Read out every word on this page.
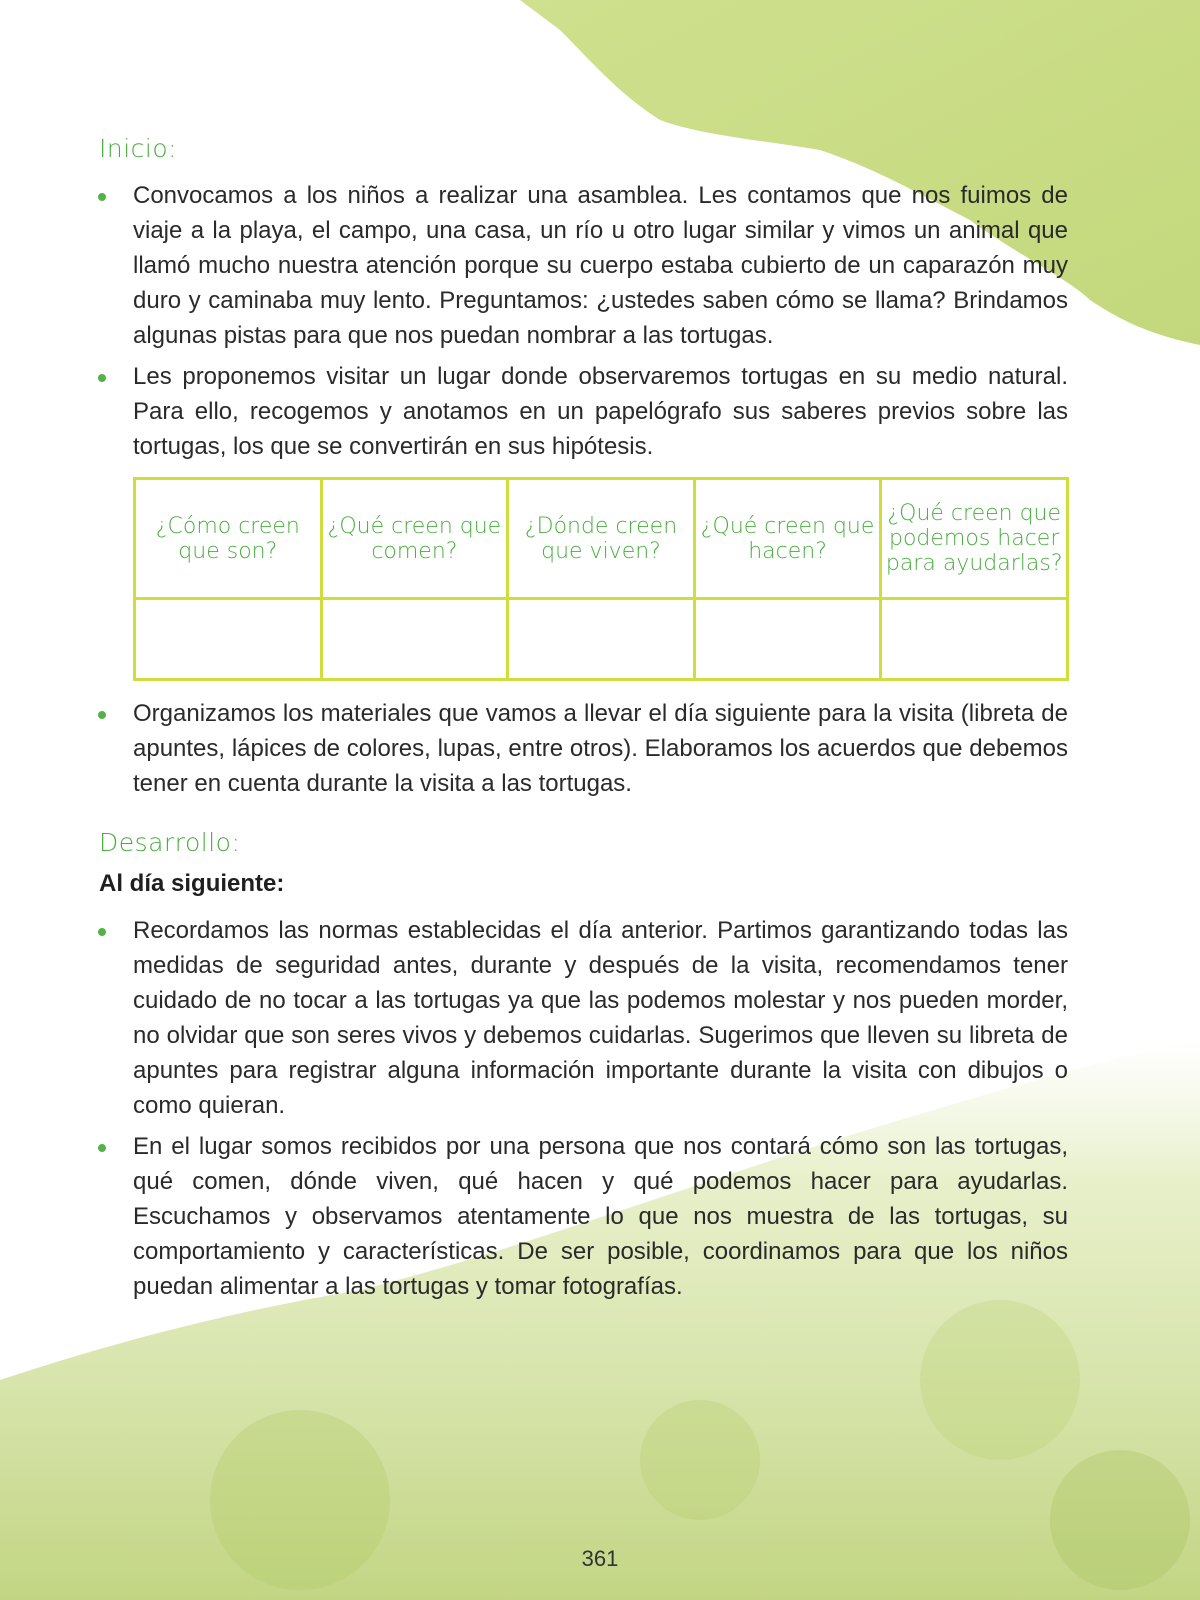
Inicio:
Convocamos a los niños a realizar una asamblea. Les contamos que nos fuimos de viaje a la playa, el campo, una casa, un río u otro lugar similar y vimos un animal que llamó mucho nuestra atención porque su cuerpo estaba cubierto de un caparazón muy duro y caminaba muy lento. Preguntamos: ¿ustedes saben cómo se llama? Brindamos algunas pistas para que nos puedan nombrar a las tortugas.
Les proponemos visitar un lugar donde observaremos tortugas en su medio natural. Para ello, recogemos y anotamos en un papelógrafo sus saberes previos sobre las tortugas, los que se convertirán en sus hipótesis.
¿Cómo creen que son?	¿Qué creen que comen?	¿Dónde creen que viven?	¿Qué creen que hacen?	¿Qué creen que podemos hacer para ayudarlas?

Organizamos los materiales que vamos a llevar el día siguiente para la visita (libreta de apuntes, lápices de colores, lupas, entre otros). Elaboramos los acuerdos que debemos tener en cuenta durante la visita a las tortugas.
Desarrollo:
Al día siguiente:
Recordamos las normas establecidas el día anterior. Partimos garantizando todas las medidas de seguridad antes, durante y después de la visita, recomendamos tener cuidado de no tocar a las tortugas ya que las podemos molestar y nos pueden morder, no olvidar que son seres vivos y debemos cuidarlas. Sugerimos que lleven su libreta de apuntes para registrar alguna información importante durante la visita con dibujos o como quieran.
En el lugar somos recibidos por una persona que nos contará cómo son las tortugas, qué comen, dónde viven, qué hacen y qué podemos hacer para ayudarlas. Escuchamos y observamos atentamente lo que nos muestra de las tortugas, su comportamiento y características. De ser posible, coordinamos para que los niños puedan alimentar a las tortugas y tomar fotografías.
361
